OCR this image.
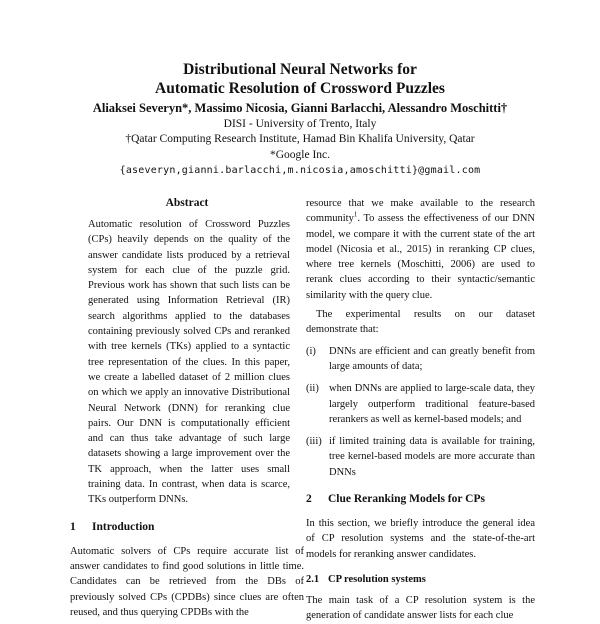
Distributional Neural Networks for
Automatic Resolution of Crossword Puzzles
Aliaksei Severyn*, Massimo Nicosia, Gianni Barlacchi, Alessandro Moschitti†
DISI - University of Trento, Italy
†Qatar Computing Research Institute, Hamad Bin Khalifa University, Qatar
*Google Inc.
{aseveryn,gianni.barlacchi,m.nicosia,amoschitti}@gmail.com
Abstract

Automatic resolution of Crossword Puzzles (CPs) heavily depends on the quality of the answer candidate lists produced by a retrieval system for each clue of the puzzle grid. Previous work has shown that such lists can be generated using Information Retrieval (IR) search algorithms applied to the databases containing previously solved CPs and reranked with tree kernels (TKs) applied to a syntactic tree representation of the clues. In this paper, we create a labelled dataset of 2 million clues on which we apply an innovative Distributional Neural Network (DNN) for reranking clue pairs. Our DNN is computationally efficient and can thus take advantage of such large datasets showing a large improvement over the TK approach, when the latter uses small training data. In contrast, when data is scarce, TKs outperform DNNs.

1 Introduction

Automatic solvers of CPs require accurate list of answer candidates to find good solutions in little time. Candidates can be retrieved from the DBs of previously solved CPs (CPDBs) since clues are often reused, and thus querying CPDBs with the

resource that we make available to the research community$^1$. To assess the effectiveness of our DNN model, we compare it with the current state of the art model (Nicosia et al., 2015) in reranking CP clues, where tree kernels (Moschitti, 2006) are used to rerank clues according to their syntactic/semantic similarity with the query clue.

The experimental results on our dataset demonstrate that:

(i) DNNs are efficient and can greatly benefit from large amounts of data;
(ii) when DNNs are applied to large-scale data, they largely outperform traditional feature-based rerankers as well as kernel-based models; and
(iii) if limited training data is available for training, tree kernel-based models are more accurate than DNNs
2 Clue Reranking Models for CPs

In this section, we briefly introduce the general idea of CP resolution systems and the state-of-the-art models for reranking answer candidates.

2.1 CP resolution systems

The main task of a CP resolution system is the generation of candidate answer lists for each clue
